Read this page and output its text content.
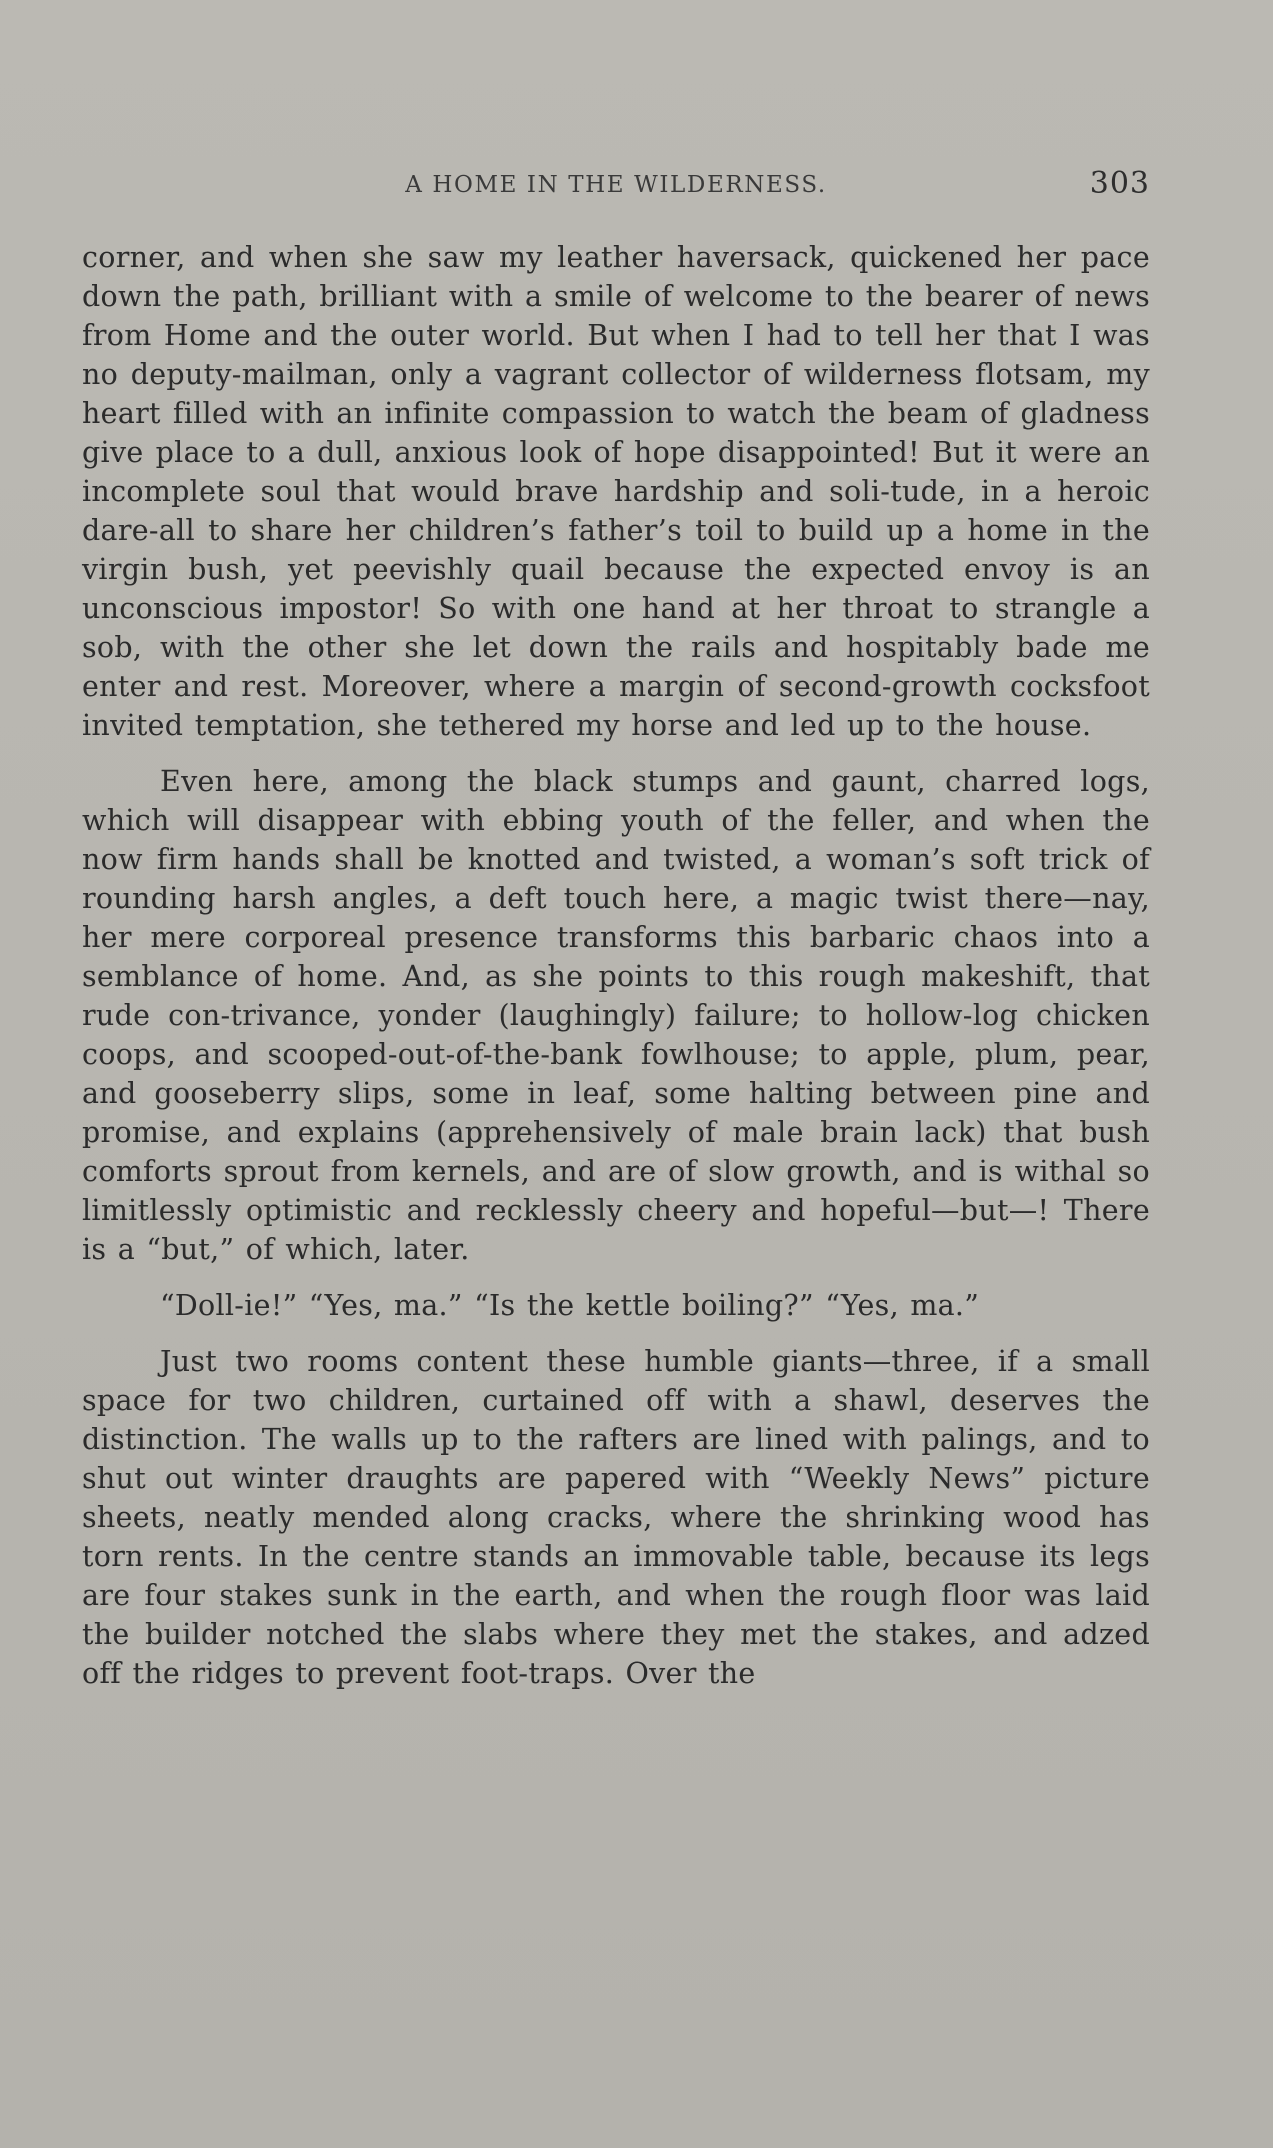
A HOME IN THE WILDERNESS.	303

corner, and when she saw my leather haversack, quickened her pace down the path, brilliant with a smile of welcome to the bearer of news from Home and the outer world. But when I had to tell her that I was no deputy-mailman, only a vagrant collector of wilderness flotsam, my heart filled with an infinite compassion to watch the beam of gladness give place to a dull, anxious look of hope disappointed! But it were an incomplete soul that would brave hardship and soli-tude, in a heroic dare-all to share her children’s father’s toil to build up a home in the virgin bush, yet peevishly quail because the expected envoy is an unconscious impostor! So with one hand at her throat to strangle a sob, with the other she let down the rails and hospitably bade me enter and rest. Moreover, where a margin of second-growth cocksfoot invited temptation, she tethered my horse and led up to the house.

Even here, among the black stumps and gaunt, charred logs, which will disappear with ebbing youth of the feller, and when the now firm hands shall be knotted and twisted, a woman’s soft trick of rounding harsh angles, a deft touch here, a magic twist there—nay, her mere corporeal presence transforms this barbaric chaos into a semblance of home. And, as she points to this rough makeshift, that rude con-trivance, yonder (laughingly) failure; to hollow-log chicken coops, and scooped-out-of-the-bank fowlhouse; to apple, plum, pear, and gooseberry slips, some in leaf, some halting between pine and promise, and explains (apprehensively of male brain lack) that bush comforts sprout from kernels, and are of slow growth, and is withal so limitlessly optimistic and recklessly cheery and hopeful—but—! There is a “but,” of which, later.

“Doll-ie!” “Yes, ma.” “Is the kettle boiling?” “Yes, ma.”

Just two rooms content these humble giants—three, if a small space for two children, curtained off with a shawl, deserves the distinction. The walls up to the rafters are lined with palings, and to shut out winter draughts are papered with “Weekly News” picture sheets, neatly mended along cracks, where the shrinking wood has torn rents. In the centre stands an immovable table, because its legs are four stakes sunk in the earth, and when the rough floor was laid the builder notched the slabs where they met the stakes, and adzed off the ridges to prevent foot-traps. Over the
